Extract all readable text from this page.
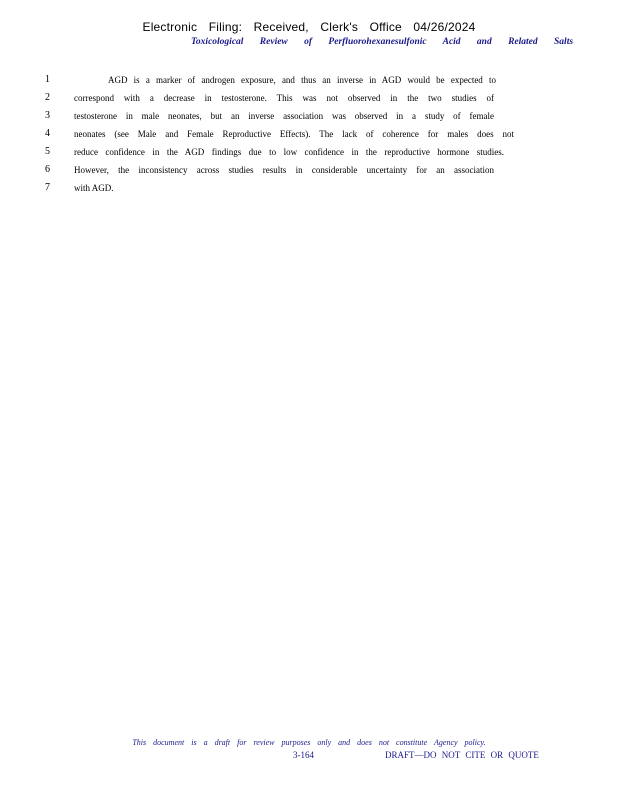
Electronic Filing: Received, Clerk's Office 04/26/2024
Toxicological Review of Perfluorohexanesulfonic Acid and Related Salts
1	AGD is a marker of androgen exposure, and thus an inverse in AGD would be expected to
2	correspond with a decrease in testosterone. This was not observed in the two studies of
3	testosterone in male neonates, but an inverse association was observed in a study of female
4	neonates (see Male and Female Reproductive Effects). The lack of coherence for males does not
5	reduce confidence in the AGD findings due to low confidence in the reproductive hormone studies.
6	However, the inconsistency across studies results in considerable uncertainty for an association
7	with AGD.
This document is a draft for review purposes only and does not constitute Agency policy.
3-164	DRAFT—DO NOT CITE OR QUOTE
